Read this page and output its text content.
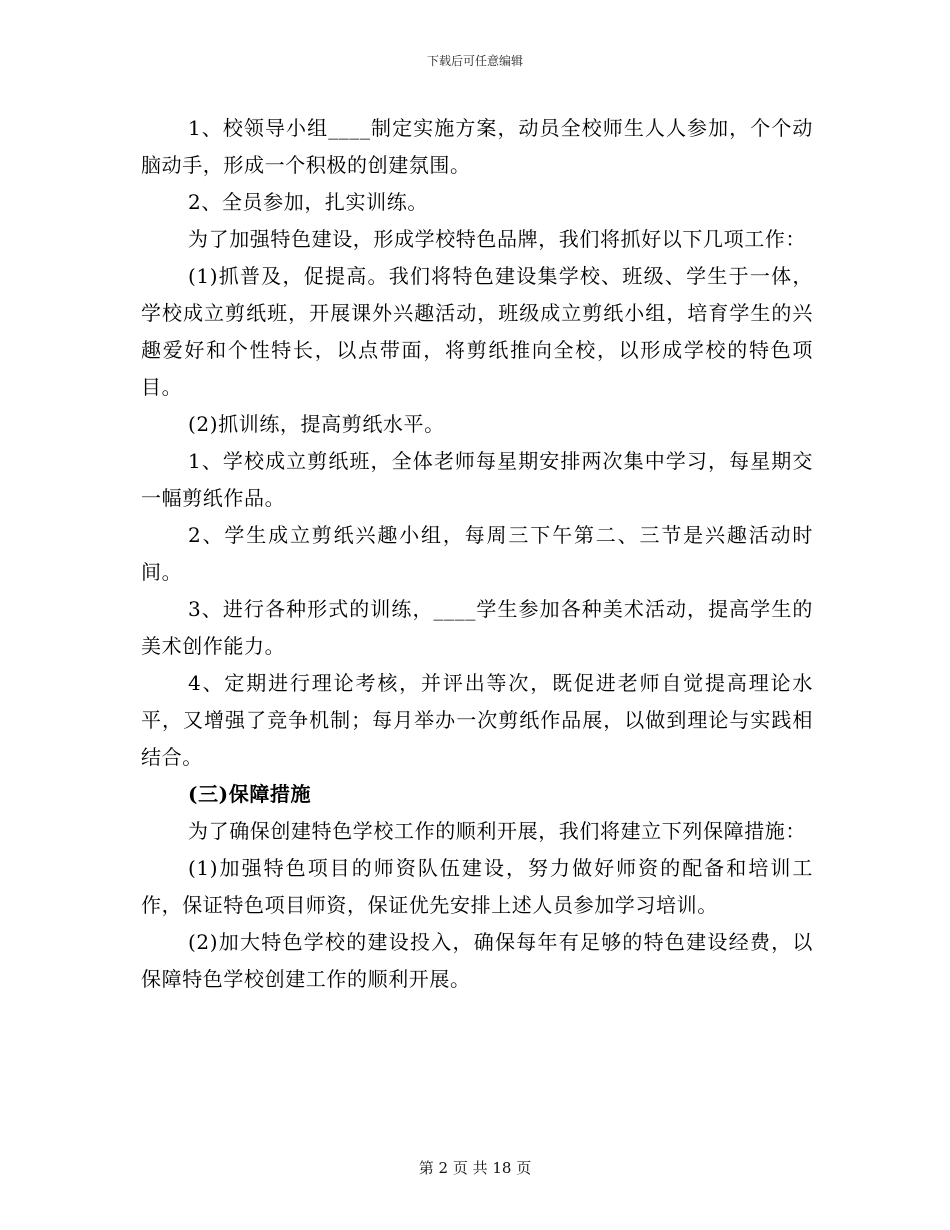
下载后可任意编辑

1、校领导小组____制定实施方案，动员全校师生人人参加，个个动脑动手，形成一个积极的创建氛围。

2、全员参加，扎实训练。

为了加强特色建设，形成学校特色品牌，我们将抓好以下几项工作：

(1)抓普及，促提高。我们将特色建设集学校、班级、学生于一体，学校成立剪纸班，开展课外兴趣活动，班级成立剪纸小组，培育学生的兴趣爱好和个性特长，以点带面，将剪纸推向全校，以形成学校的特色项目。

(2)抓训练，提高剪纸水平。

1、学校成立剪纸班，全体老师每星期安排两次集中学习，每星期交一幅剪纸作品。

2、学生成立剪纸兴趣小组，每周三下午第二、三节是兴趣活动时间。

3、进行各种形式的训练，____学生参加各种美术活动，提高学生的美术创作能力。

4、定期进行理论考核，并评出等次，既促进老师自觉提高理论水平，又增强了竞争机制；每月举办一次剪纸作品展，以做到理论与实践相结合。

(三)保障措施

为了确保创建特色学校工作的顺利开展，我们将建立下列保障措施：

(1)加强特色项目的师资队伍建设，努力做好师资的配备和培训工作，保证特色项目师资，保证优先安排上述人员参加学习培训。

(2)加大特色学校的建设投入，确保每年有足够的特色建设经费，以保障特色学校创建工作的顺利开展。

第 2 页 共 18 页
